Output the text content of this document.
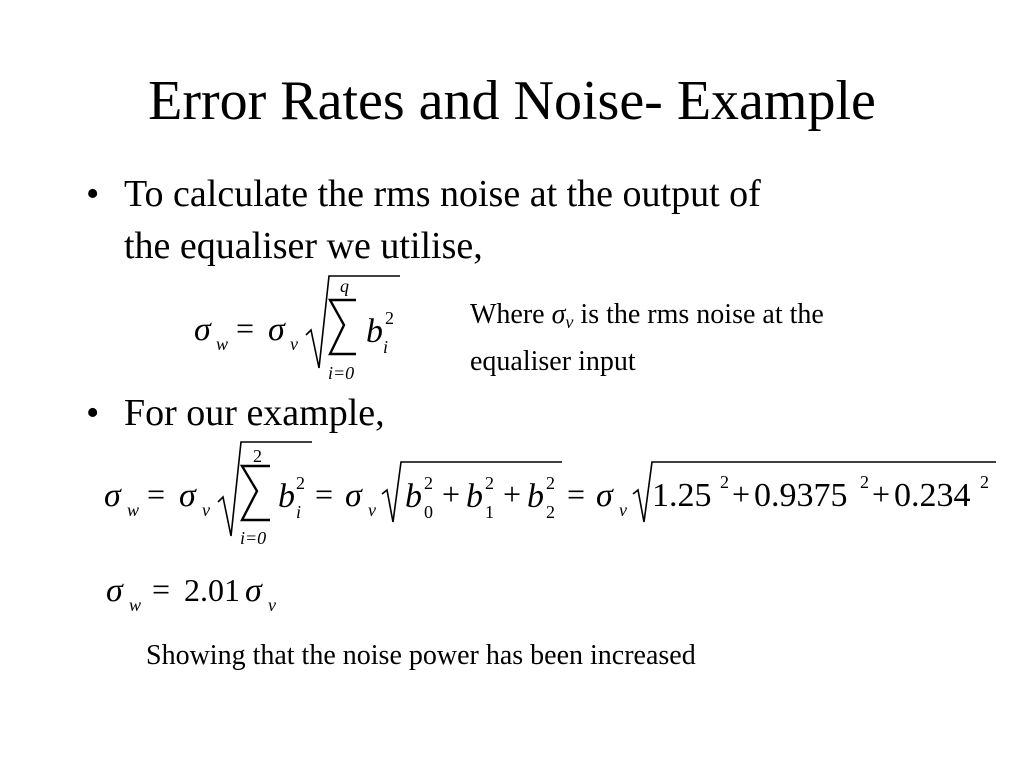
Error Rates and Noise- Example
• To calculate the rms noise at the output of
the equaliser we utilise,
σ w σ v
q
i=0
b i
=	2	Where $\sigma_v$ is the rms noise at the
equaliser input
• For our example,
σ w σ v
i=0
b i σ v b b b σ v
=
2
2 =	2
0 + 2
1 + 2
2 = 1.25 2 + 0.9375 2 + 0.234 2
σ w	σ v
= 2.01
Showing that the noise power has been increased
